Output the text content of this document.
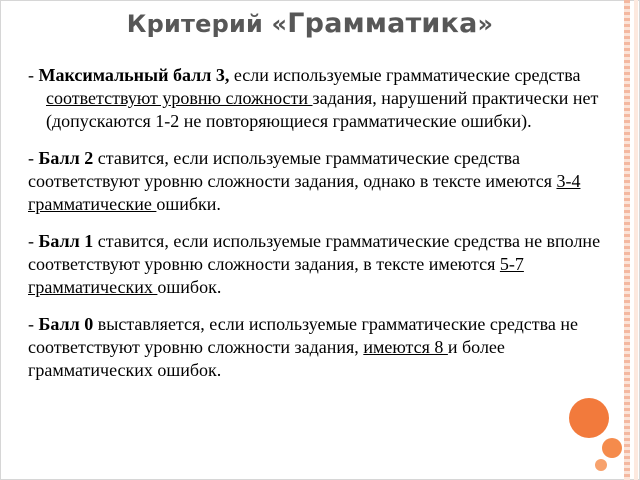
Критерий «Грамматика»

- Максимальный балл 3, если используемые грамматические средства соответствуют уровню сложности задания, нарушений практически нет (допускаются 1-2 не повторяющиеся грамматические ошибки).

- Балл 2 ставится, если используемые грамматические средства соответствуют уровню сложности задания, однако в тексте имеются 3-4 грамматические ошибки.

- Балл 1 ставится, если используемые грамматические средства не вполне соответствуют уровню сложности задания, в тексте имеются 5-7 грамматических ошибок.

- Балл 0 выставляется, если используемые грамматические средства не соответствуют уровню сложности задания, имеются 8 и более грамматических ошибок.
